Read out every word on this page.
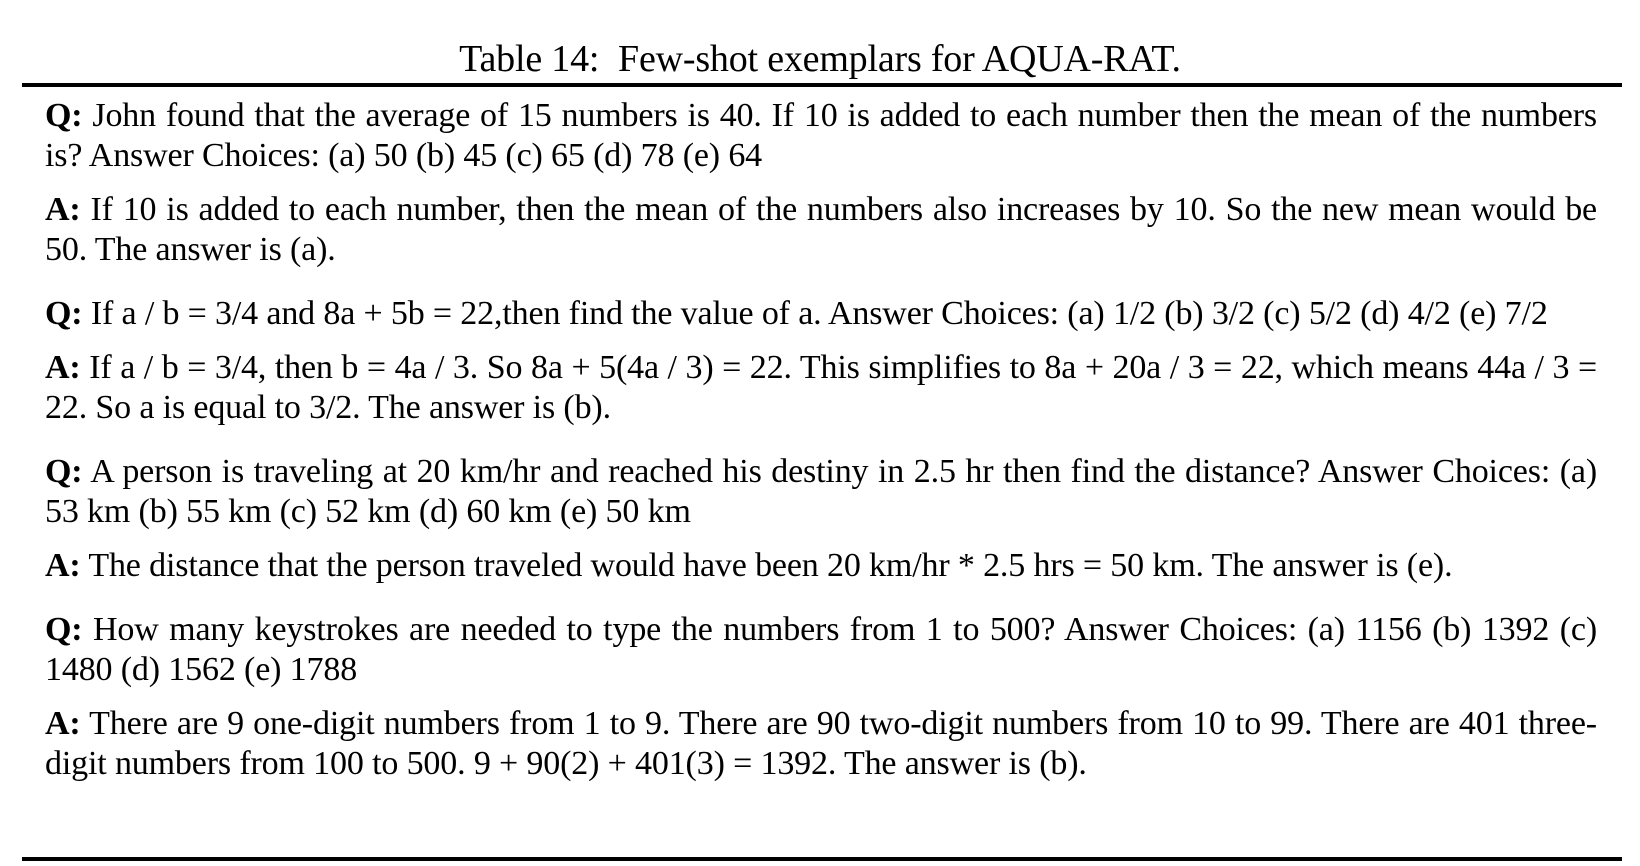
Table 14: Few-shot exemplars for AQUA-RAT.

Q: John found that the average of 15 numbers is 40. If 10 is added to each number then the mean of the numbers is? Answer Choices: (a) 50 (b) 45 (c) 65 (d) 78 (e) 64

A: If 10 is added to each number, then the mean of the numbers also increases by 10. So the new mean would be 50. The answer is (a).

Q: If a / b = 3/4 and 8a + 5b = 22,then find the value of a. Answer Choices: (a) 1/2 (b) 3/2 (c) 5/2 (d) 4/2 (e) 7/2

A: If a / b = 3/4, then b = 4a / 3. So 8a + 5(4a / 3) = 22. This simplifies to 8a + 20a / 3 = 22, which means 44a / 3 = 22. So a is equal to 3/2. The answer is (b).

Q: A person is traveling at 20 km/hr and reached his destiny in 2.5 hr then find the distance? Answer Choices: (a) 53 km (b) 55 km (c) 52 km (d) 60 km (e) 50 km

A: The distance that the person traveled would have been 20 km/hr * 2.5 hrs = 50 km. The answer is (e).

Q: How many keystrokes are needed to type the numbers from 1 to 500? Answer Choices: (a) 1156 (b) 1392 (c) 1480 (d) 1562 (e) 1788

A: There are 9 one-digit numbers from 1 to 9. There are 90 two-digit numbers from 10 to 99. There are 401 three-digit numbers from 100 to 500. 9 + 90(2) + 401(3) = 1392. The answer is (b).
